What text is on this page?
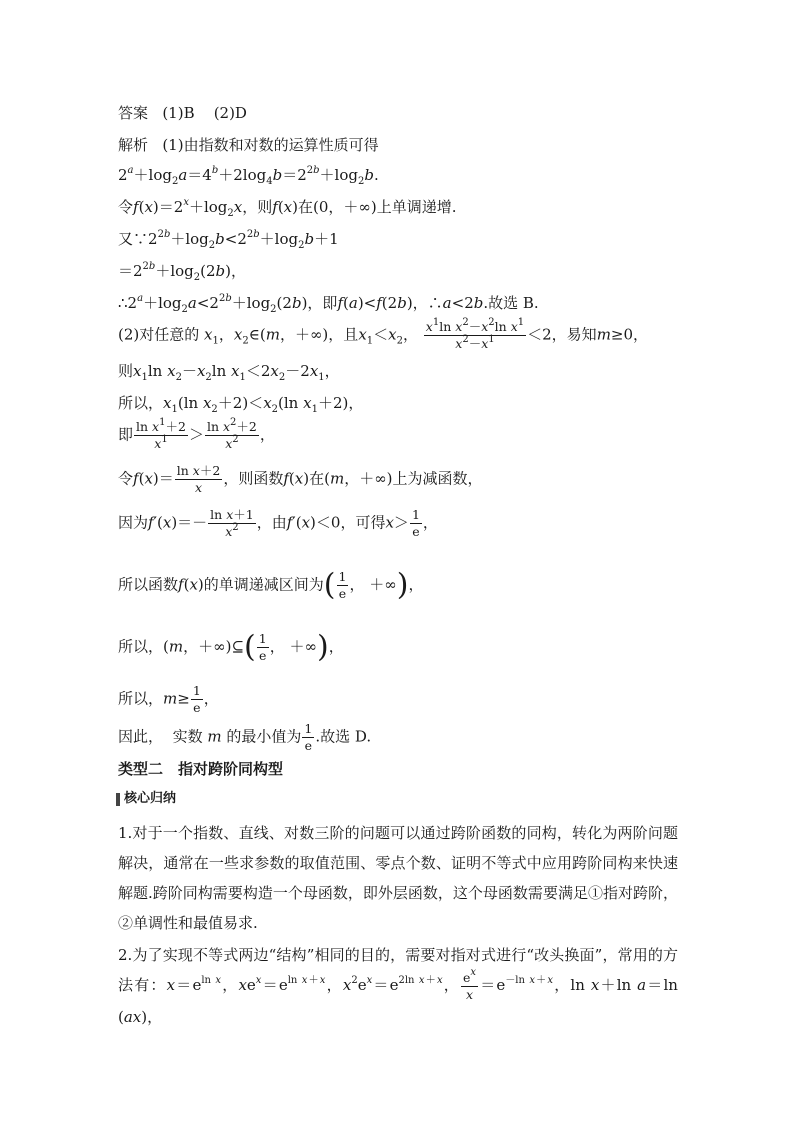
答案 (1)B (2)D
解析 (1)由指数和对数的运算性质可得
$2^a+\log_2a=4^b+2\log_4b=2^{2b}+\log_2b$.
令$f(x)=2^x+\log_2x$，则f(x)在(0，＋∞)上单调递增.
又$\because 2^{2b}+\log_2b<2^{2b}+\log_2b+1$
$=2^{2b}+\log_2(2b)$，
$\therefore 2^a+\log_2a<2^{2b}+\log_2(2b)$，即f(a)<f(2b)，∴a<2b.故选 B.
(2)对任意的 $x_1$，$x_2\in(m$，＋∞)，且$x_1<x_2$， $\frac{x^1\ln x^2-x^2\ln x^1}{x^2-x^1} <2$，易知m≥0，
则$x_1\ln$ $x_2-x_2\ln$ $x_1<2x_2-2x_1$，
所以，$x_1(\ln$ $x_2+2)<x_2(\ln$ $x_1+2$)，
即 $\frac{\ln x^1+2}{x^1} > \frac{\ln x^2+2}{x^2}$ ，
令$f(x)= \frac{\text{ln x＋2}}{x}$ ，则函数f(x)在(m，＋∞)上为减函数，
因为$f'(x)=- \frac{\text{ln x＋1}}{x^2}$ ，由f′(x)＜0，可得$x> \frac{1}{e}$ ，
所以函数f(x)的单调递减区间为( $\frac{1}{e}$ ， ＋∞)，
所以，(m，＋∞)⊆( $\frac{1}{e}$ ， ＋∞)，
所以，$m\ge \frac{1}{e}$ ，
因此， 实数 m 的最小值为 $\frac{1}{e}$ .故选 D.
类型二　指对跨阶同构型
核心归纳
1.对于一个指数、直线、对数三阶的问题可以通过跨阶函数的同构，转化为两阶问题解决，通常在一些求参数的取值范围、零点个数、证明不等式中应用跨阶同构来快速解题.跨阶同构需要构造一个母函数，即外层函数，这个母函数需要满足①指对跨阶，②单调性和最值易求.
2.为了实现不等式两边“结构”相同的目的，需要对指对式进行“改头换面”，常用的方法有：$x=e^{ln x}$，$xe^x=e^{ln x+x}$，$x^2e^x=e^{2ln x+x}$， $\frac{e^x}{x} =e^{-ln x+x}$，ln x＋ln a＝ln (ax)，
